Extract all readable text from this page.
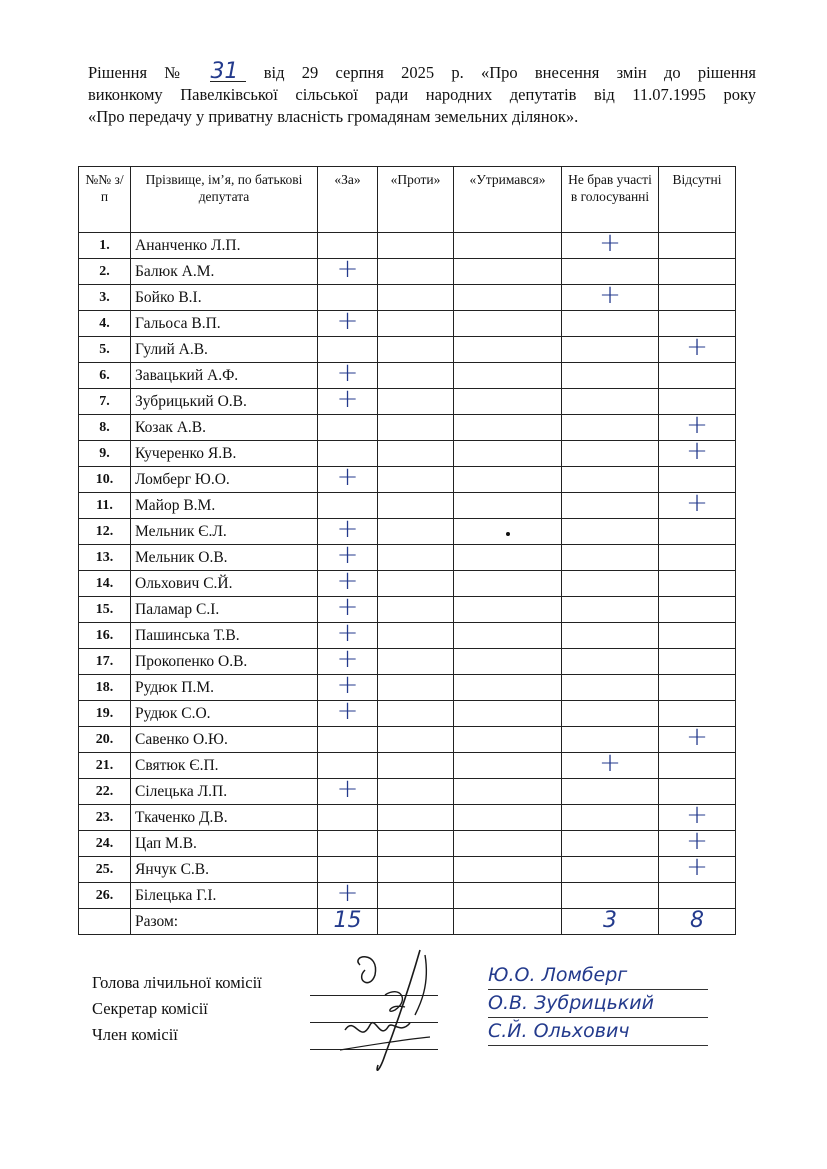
Рішення № 31 від 29 серпня 2025 р. «Про внесення змін до рішення
виконкому Павелківської сільської ради народних депутатів від 11.07.1995 року
«Про передачу у приватну власність громадянам земельних ділянок».
№№ з/п	Прізвище, ім’я, по батькові депутата	«За»	«Проти»	«Утримався»	Не брав участі в голосуванні	Відсутні
1.	Ананченко Л.П.				+	
2.	Балюк А.М.	+				
3.	Бойко В.І.				+	
4.	Гальоса В.П.	+				
5.	Гулий А.В.					+
6.	Завацький А.Ф.	+				
7.	Зубрицький О.В.	+				
8.	Козак А.В.					+
9.	Кучеренко Я.В.					+
10.	Ломберг Ю.О.	+				
11.	Майор В.М.					+
12.	Мельник Є.Л.	+				
13.	Мельник О.В.	+				
14.	Ольхович С.Й.	+				
15.	Паламар С.І.	+				
16.	Пашинська Т.В.	+				
17.	Прокопенко О.В.	+				
18.	Рудюк П.М.	+				
19.	Рудюк С.О.	+				
20.	Савенко О.Ю.					+
21.	Святюк Є.П.				+	
22.	Сілецька Л.П.	+				
23.	Ткаченко Д.В.					+
24.	Цап М.В.					+
25.	Янчук С.В.					+
26.	Білецька Г.І.	+				
	Разом:	15			3	8
Голова лічильної комісії
Секретар комісії
Член комісії
Ю.О. Ломберг
О.В. Зубрицький
С.Й. Ольхович
